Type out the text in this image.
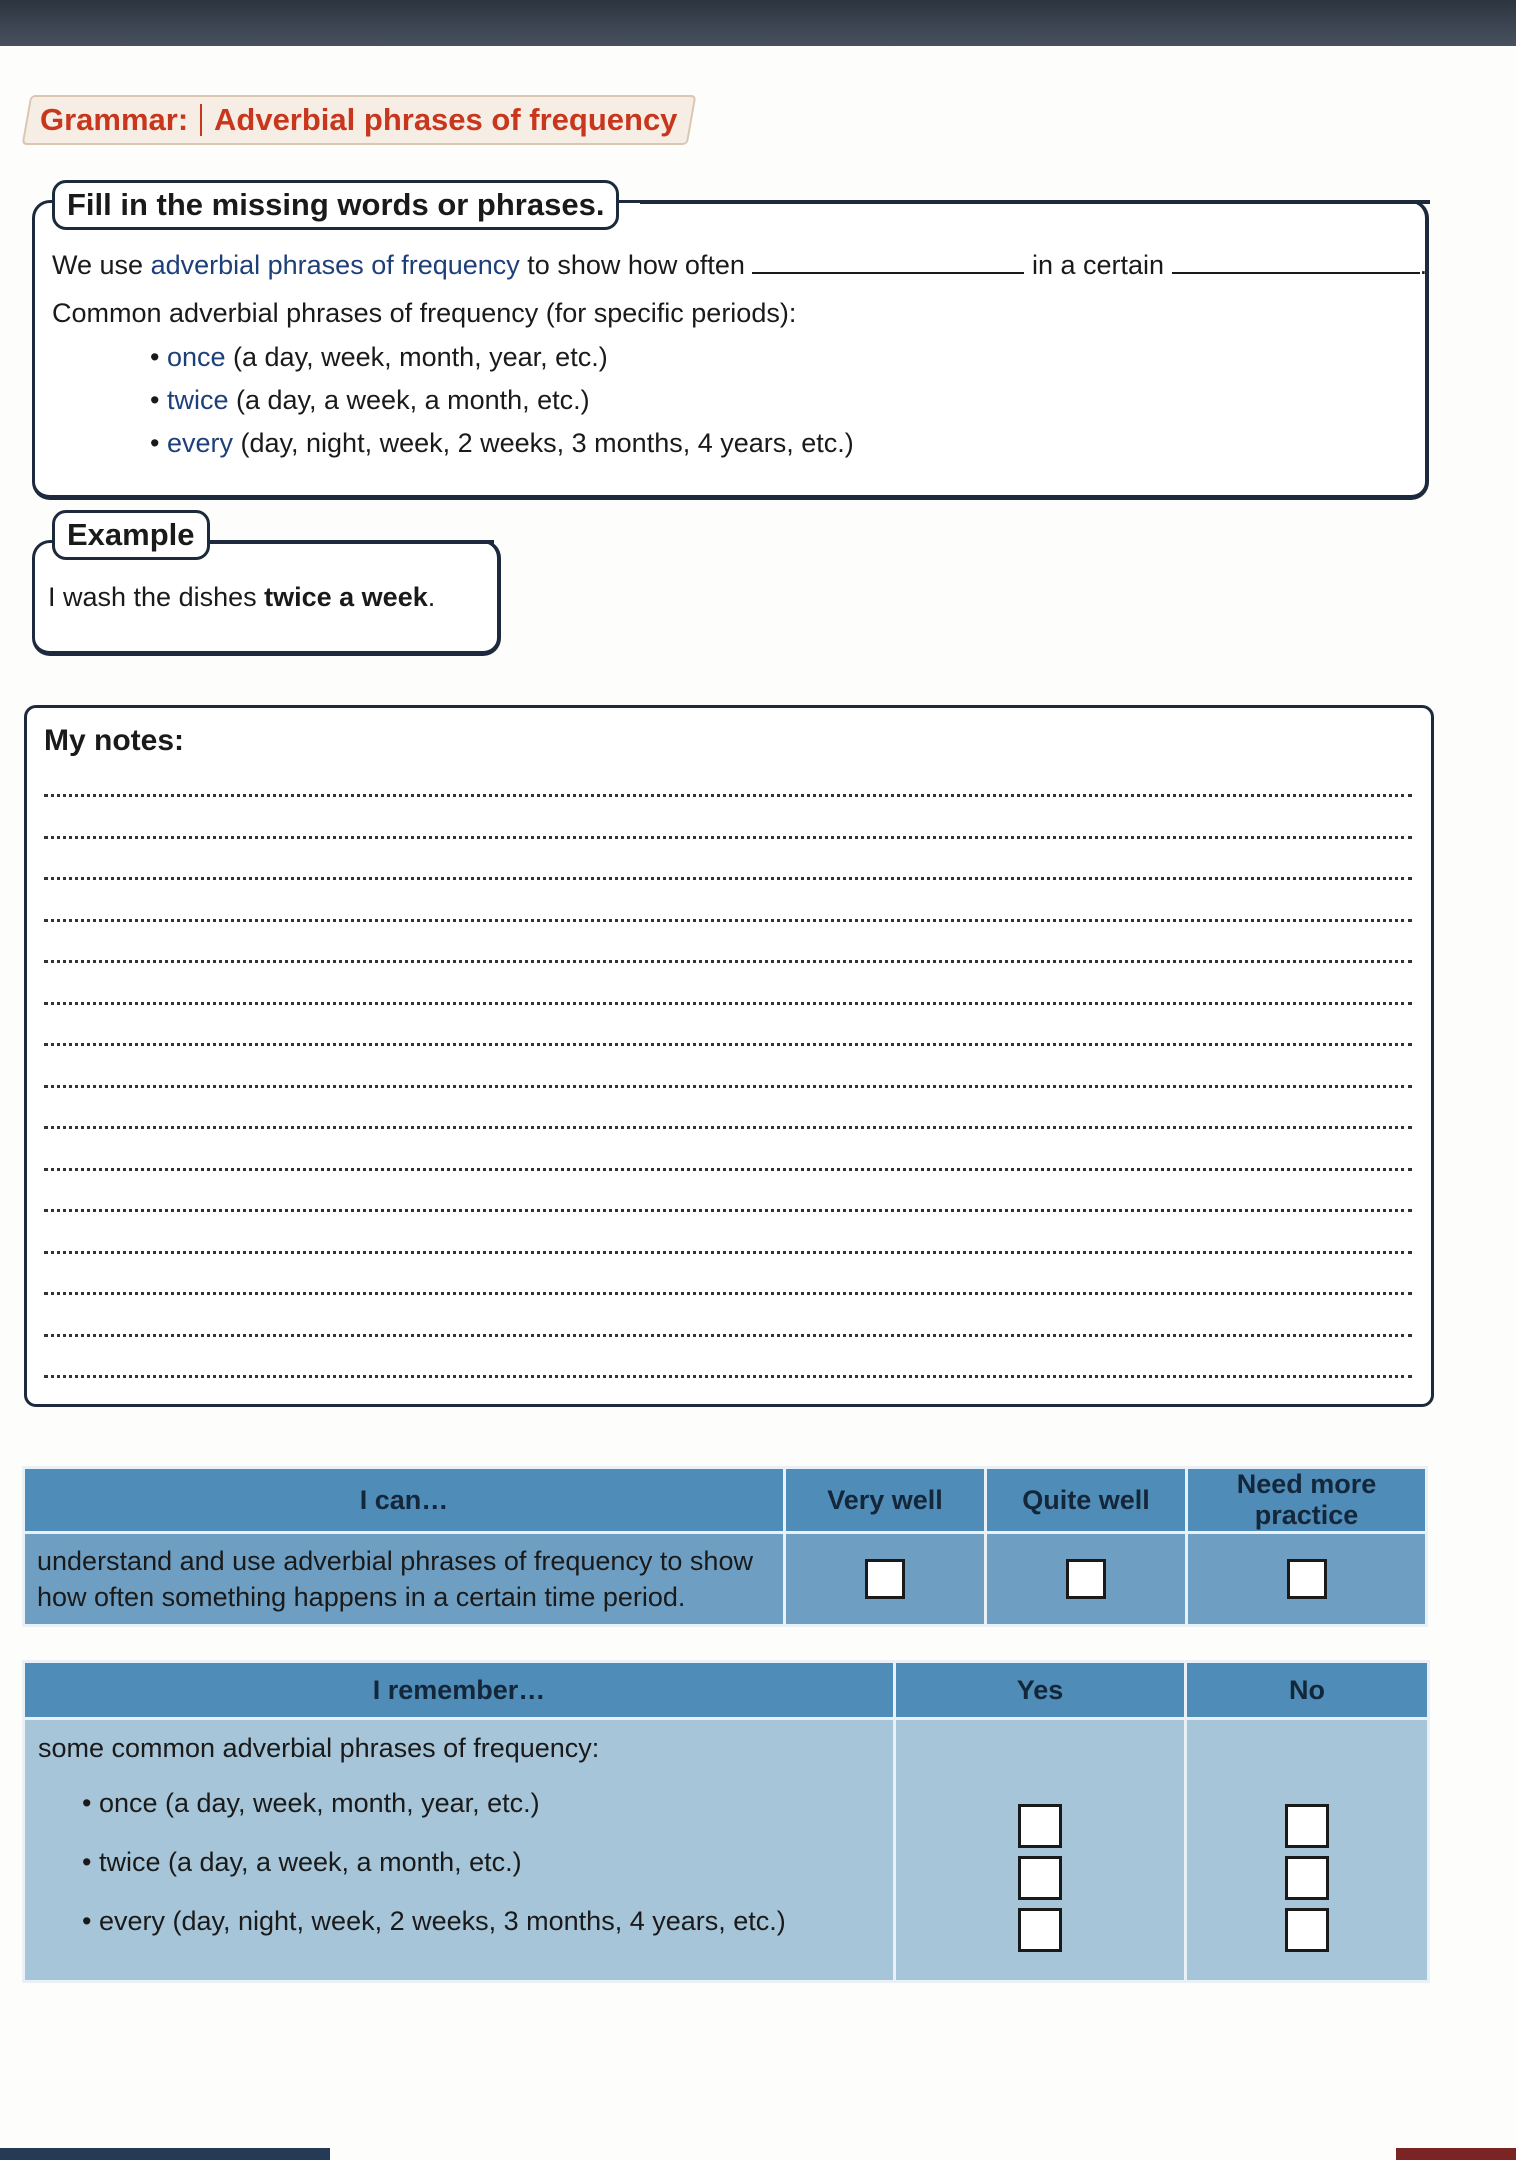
Grammar: Adverbial phrases of frequency
Fill in the missing words or phrases.
We use adverbial phrases of frequency to show how often	in a certain	.
Common adverbial phrases of frequency (for specific periods):
• once (a day, week, month, year, etc.)
• twice (a day, a week, a month, etc.)
• every (day, night, week, 2 weeks, 3 months, 4 years, etc.)
Example
I wash the dishes twice a week.
My notes:
I can…	Very well	Quite well	Need more practice

understand and use adverbial phrases of frequency to show
how often something happens in a certain time period.			

I remember…	Yes	No

some common adverbial phrases of frequency:
• once (a day, week, month, year, etc.)
• twice (a day, a week, a month, etc.)
• every (day, night, week, 2 weeks, 3 months, 4 years, etc.)		
